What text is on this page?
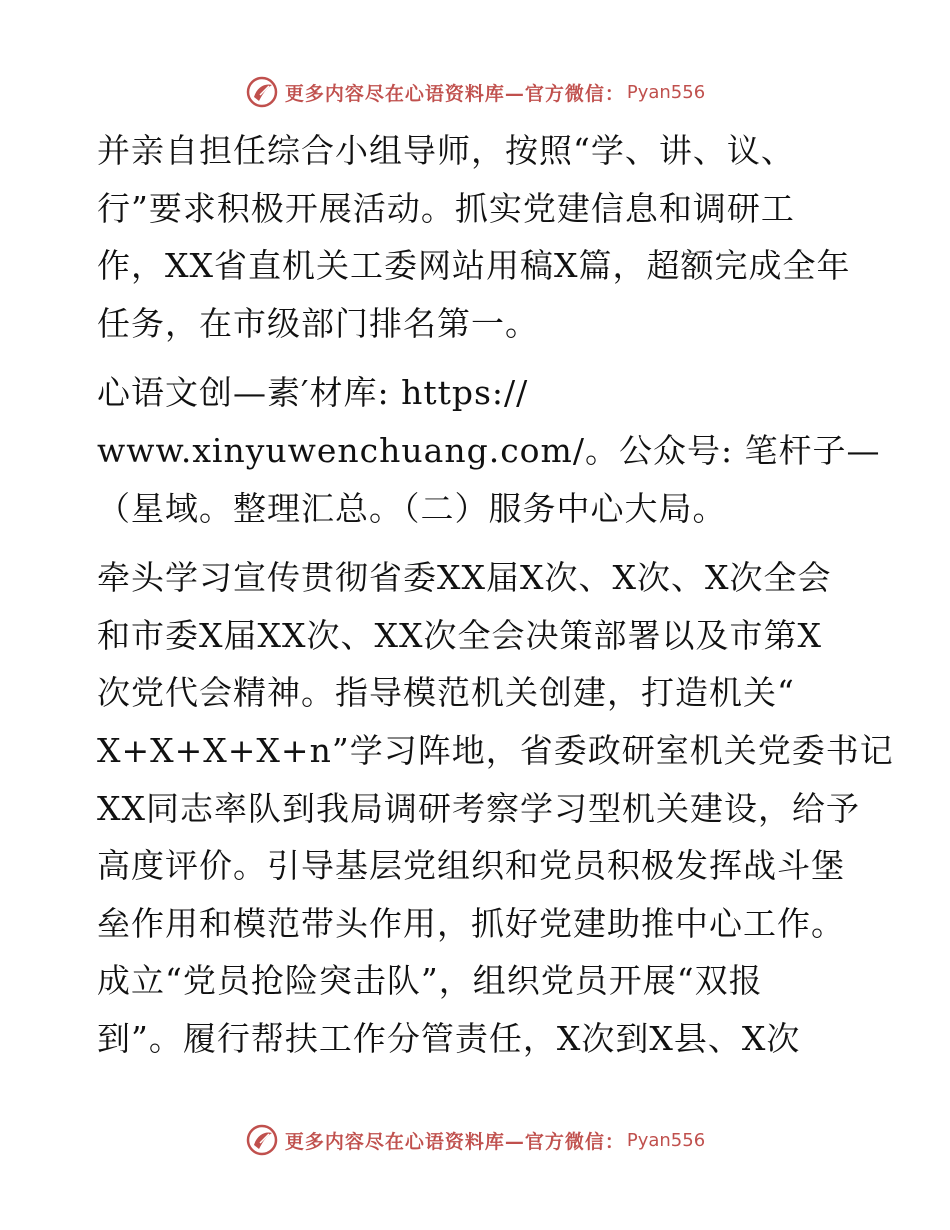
更多内容尽在心语资料库—官方微信： Pyan556
并亲自担任综合小组导师，按照“学、讲、议、
行”要求积极开展活动。抓实党建信息和调研工
作，XX省直机关工委网站用稿X篇，超额完成全年
任务，在市级部门排名第一。
心语文创—素′材库: https://
www.xinyuwenchuang.com/。公众号: 笔杆子—
（星域。整理汇总。（二）服务中心大局。
牵头学习宣传贯彻省委XX届X次、X次、X次全会
和市委X届XX次、XX次全会决策部署以及市第X
次党代会精神。指导模范机关创建，打造机关“
X+X+X+X+n”学习阵地，省委政研室机关党委书记
XX同志率队到我局调研考察学习型机关建设，给予
高度评价。引导基层党组织和党员积极发挥战斗堡
垒作用和模范带头作用，抓好党建助推中心工作。
成立“党员抢险突击队”，组织党员开展“双报
到”。履行帮扶工作分管责任，X次到X县、X次
更多内容尽在心语资料库—官方微信： Pyan556
